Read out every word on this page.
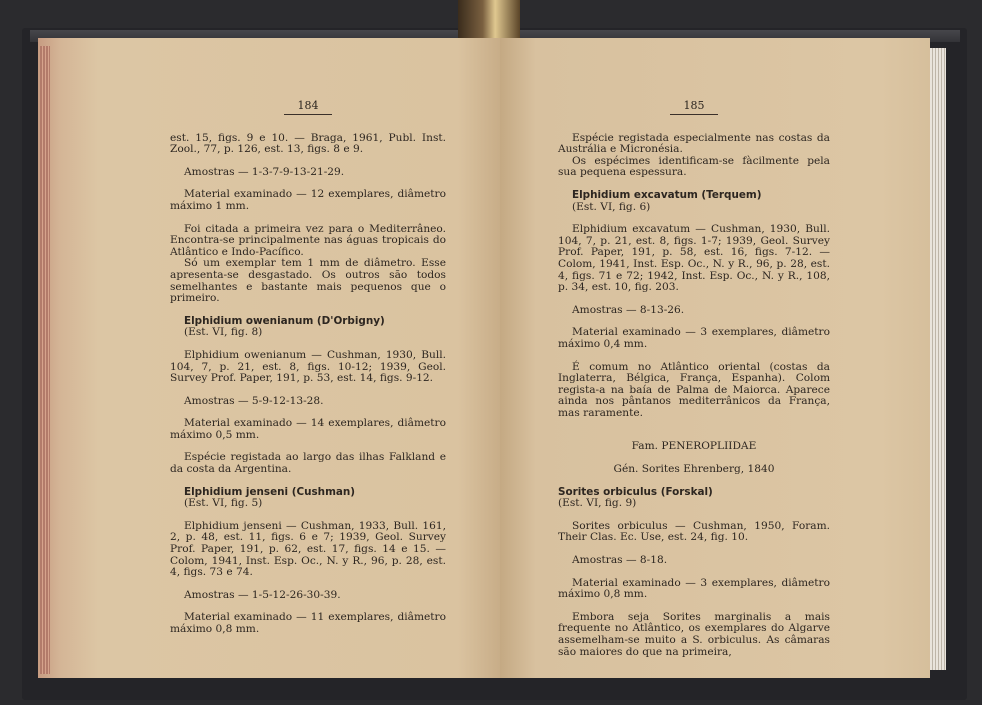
184

est. 15, figs. 9 e 10. — Braga, 1961, Publ. Inst. Zool., 77, p. 126, est. 13, figs. 8 e 9.

Amostras — 1-3-7-9-13-21-29.

Material examinado — 12 exemplares, diâmetro máximo 1 mm.

Foi citada a primeira vez para o Mediterrâneo. Encontra-se principalmente nas águas tropicais do Atlântico e Indo-Pacífico.

Só um exemplar tem 1 mm de diâmetro. Esse apresenta-se desgastado. Os outros são todos semelhantes e bastante mais pequenos que o primeiro.

Elphidium owenianum (D'Orbigny)

(Est. VI, fig. 8)

Elphidium owenianum — Cushman, 1930, Bull. 104, 7, p. 21, est. 8, figs. 10-12; 1939, Geol. Survey Prof. Paper, 191, p. 53, est. 14, figs. 9-12.

Amostras — 5-9-12-13-28.

Material examinado — 14 exemplares, diâmetro máximo 0,5 mm.

Espécie registada ao largo das ilhas Falkland e da costa da Argentina.

Elphidium jenseni (Cushman)

(Est. VI, fig. 5)

Elphidium jenseni — Cushman, 1933, Bull. 161, 2, p. 48, est. 11, figs. 6 e 7; 1939, Geol. Survey Prof. Paper, 191, p. 62, est. 17, figs. 14 e 15. — Colom, 1941, Inst. Esp. Oc., N. y R., 96, p. 28, est. 4, figs. 73 e 74.

Amostras — 1-5-12-26-30-39.

Material examinado — 11 exemplares, diâmetro máximo 0,8 mm.

185

Espécie registada especialmente nas costas da Austrália e Micronésia.

Os espécimes identificam-se fàcilmente pela sua pequena espessura.

Elphidium excavatum (Terquem)

(Est. VI, fig. 6)

Elphidium excavatum — Cushman, 1930, Bull. 104, 7, p. 21, est. 8, figs. 1-7; 1939, Geol. Survey Prof. Paper, 191, p. 58, est. 16, figs. 7-12. — Colom, 1941, Inst. Esp. Oc., N. y R., 96, p. 28, est. 4, figs. 71 e 72; 1942, Inst. Esp. Oc., N. y R., 108, p. 34, est. 10, fig. 203.

Amostras — 8-13-26.

Material examinado — 3 exemplares, diâmetro máximo 0,4 mm.

É comum no Atlântico oriental (costas da Inglaterra, Bélgica, França, Espanha). Colom regista-a na baía de Palma de Maiorca. Aparece ainda nos pântanos mediterrânicos da França, mas raramente.

Fam. PENEROPLIIDAE

Gén. Sorites Ehrenberg, 1840

Sorites orbiculus (Forskal)

(Est. VI, fig. 9)

Sorites orbiculus — Cushman, 1950, Foram. Their Clas. Ec. Use, est. 24, fig. 10.

Amostras — 8-18.

Material examinado — 3 exemplares, diâmetro máximo 0,8 mm.

Embora seja Sorites marginalis a mais frequente no Atlântico, os exemplares do Algarve assemelham-se muito a S. orbiculus. As câmaras são maiores do que na primeira,
